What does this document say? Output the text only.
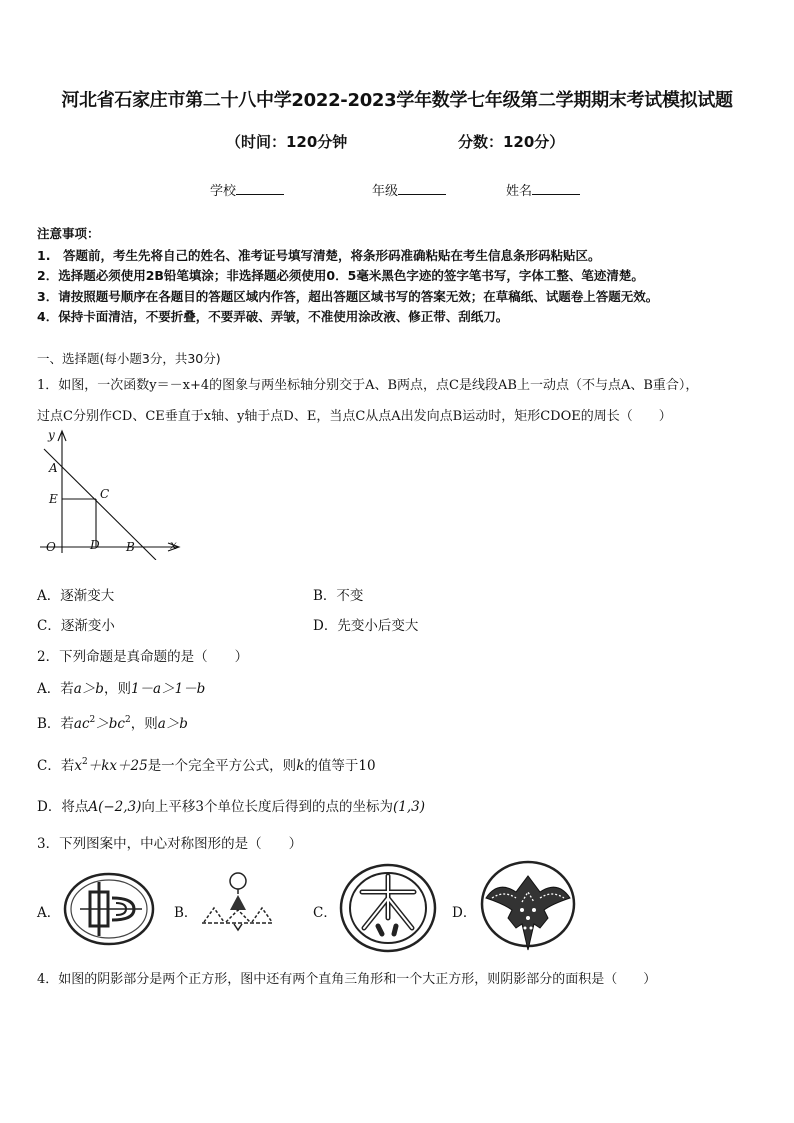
河北省石家庄市第二十八中学2022-2023学年数学七年级第二学期期末考试模拟试题
（时间：120分钟	分数：120分）
学校	年级	姓名
注意事项：
1.　答题前，考生先将自己的姓名、准考证号填写清楚，将条形码准确粘贴在考生信息条形码粘贴区。
2．选择题必须使用2B铅笔填涂；非选择题必须使用0．5毫米黑色字迹的签字笔书写，字体工整、笔迹清楚。
3．请按照题号顺序在各题目的答题区域内作答，超出答题区域书写的答案无效；在草稿纸、试题卷上答题无效。
4．保持卡面清洁，不要折叠，不要弄破、弄皱，不准使用涂改液、修正带、刮纸刀。
一、选择题(每小题3分，共30分)
1．如图，一次函数y＝－x+4的图象与两坐标轴分别交于A、B两点，点C是线段AB上一动点（不与点A、B重合），
过点C分别作CD、CE垂直于x轴、y轴于点D、E，当点C从点A出发向点B运动时，矩形CDOE的周长（　　）
y
A
E	C
O	D B	x
A．逐渐变大	B．不变
C．逐渐变小	D．先变小后变大
2．下列命题是真命题的是（　　）
A．若a＞b，则1－a＞1－b
B．若$ac^2>bc^2$，则a＞b
C．若$x^2+kx+25$是一个完全平方公式，则k的值等于10
D．将点A(−2,3)向上平移3个单位长度后得到的点的坐标为(1,3)
3．下列图案中，中心对称图形的是（　　）
A．	B．	C．	D．
4．如图的阴影部分是两个正方形，图中还有两个直角三角形和一个大正方形，则阴影部分的面积是（　　）
